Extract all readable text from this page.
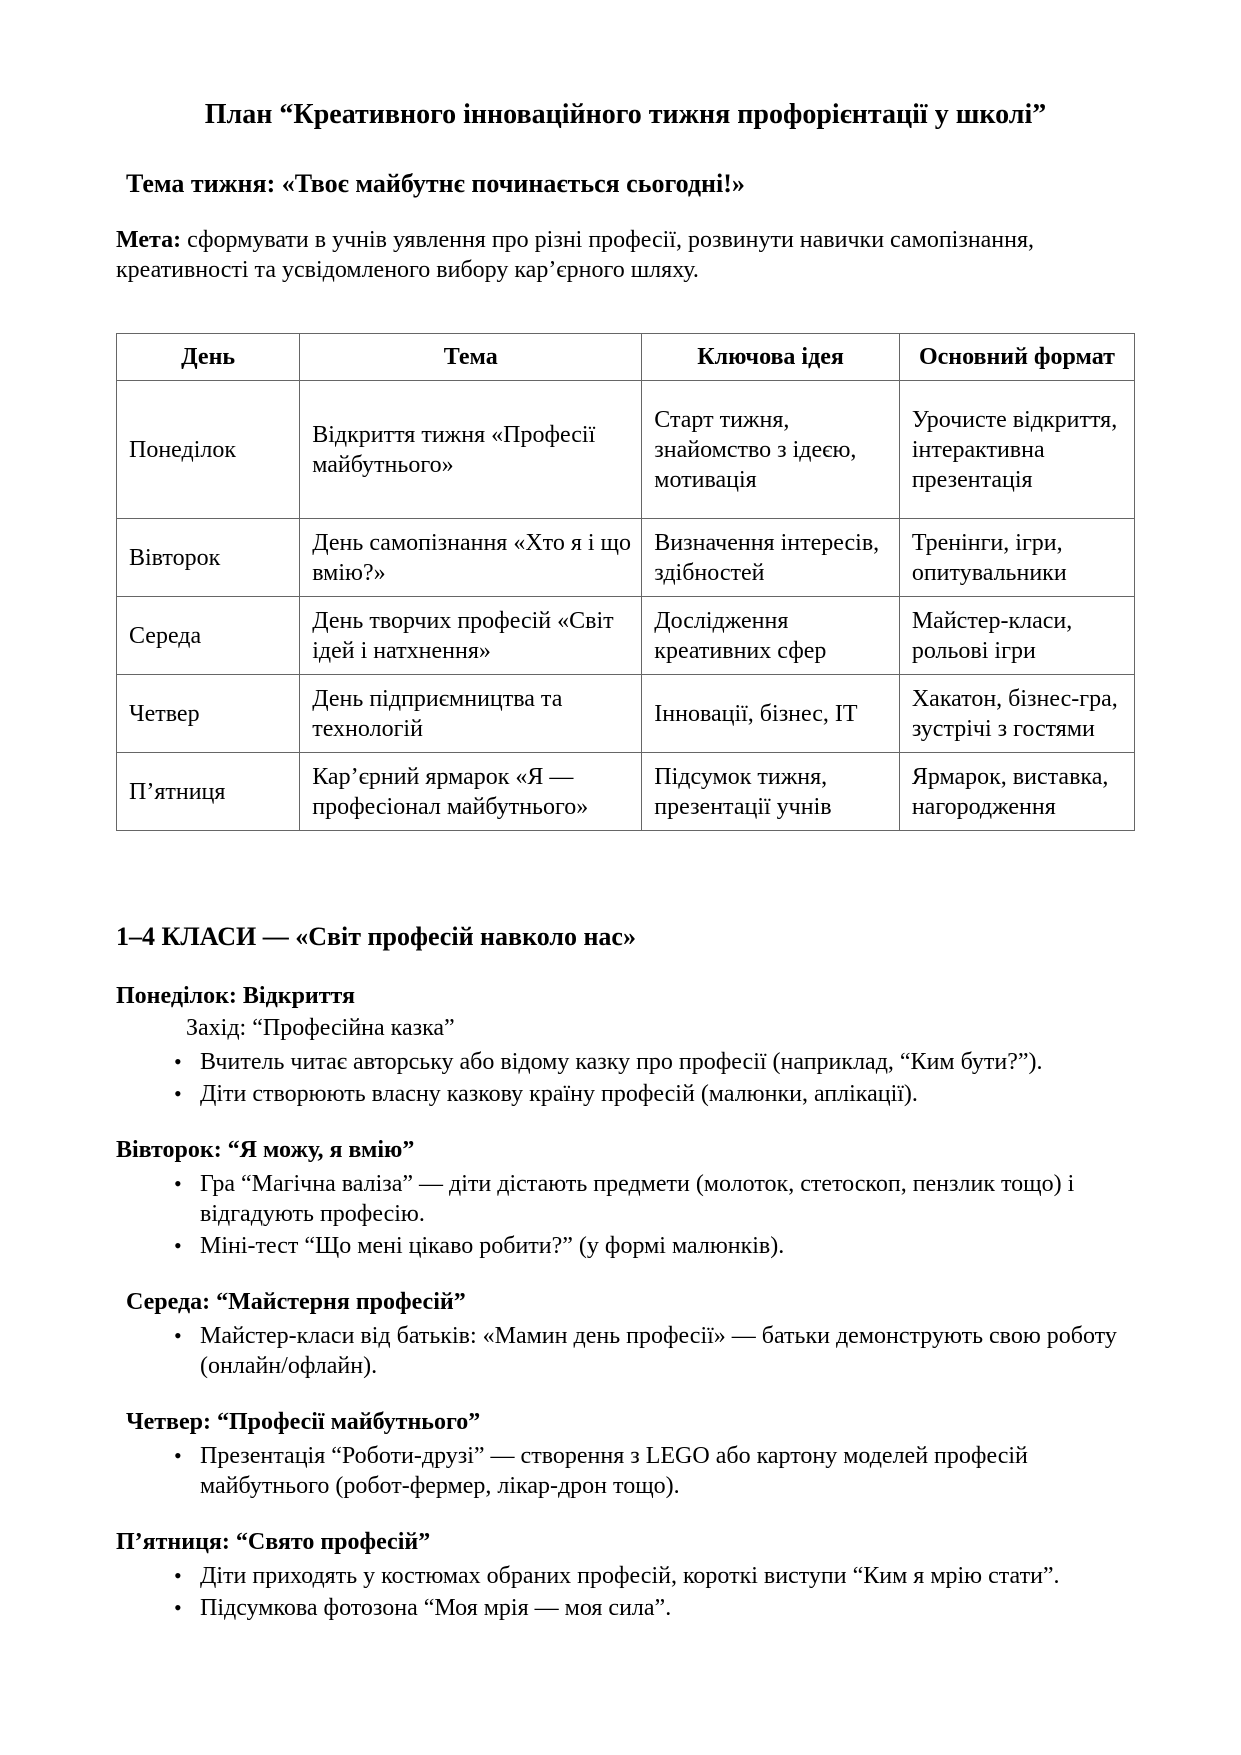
План “Креативного інноваційного тижня профорієнтації у школі”
Тема тижня: «Твоє майбутнє починається сьогодні!»

Мета: сформувати в учнів уявлення про різні професії, розвинути навички самопізнання, креативності та усвідомленого вибору кар’єрного шляху.

День	Тема	Ключова ідея	Основний формат
Понеділок	Відкриття тижня «Професії майбутнього»	Старт тижня, знайомство з ідеєю, мотивація	Урочисте відкриття, інтерактивна презентація
Вівторок	День самопізнання «Хто я і що вмію?»	Визначення інтересів, здібностей	Тренінги, ігри, опитувальники
Середа	День творчих професій «Світ ідей і натхнення»	Дослідження креативних сфер	Майстер-класи, рольові ігри
Четвер	День підприємництва та технологій	Інновації, бізнес, ІТ	Хакатон, бізнес-гра, зустрічі з гостями
П’ятниця	Кар’єрний ярмарок «Я — професіонал майбутнього»	Підсумок тижня, презентації учнів	Ярмарок, виставка, нагородження
1–4 КЛАСИ — «Світ професій навколо нас»
Понеділок: Відкриття

Захід: “Професійна казка”

• Вчитель читає авторську або відому казку про професії (наприклад, “Ким бути?”).
• Діти створюють власну казкову країну професій (малюнки, аплікації).
Вівторок: “Я можу, я вмію”
• Гра “Магічна валіза” — діти дістають предмети (молоток, стетоскоп, пензлик тощо) і відгадують професію.
• Міні-тест “Що мені цікаво робити?” (у формі малюнків).
Середа: “Майстерня професій”
• Майстер-класи від батьків: «Мамин день професії» — батьки демонструють свою роботу (онлайн/офлайн).
Четвер: “Професії майбутнього”
• Презентація “Роботи-друзі” — створення з LEGO або картону моделей професій майбутнього (робот-фермер, лікар-дрон тощо).
П’ятниця: “Свято професій”
• Діти приходять у костюмах обраних професій, короткі виступи “Ким я мрію стати”.
• Підсумкова фотозона “Моя мрія — моя сила”.
